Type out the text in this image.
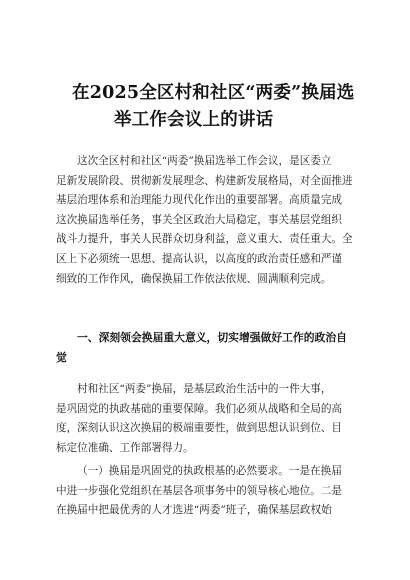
在2025全区村和社区“两委”换届选
举工作会议上的讲话
这次全区村和社区“两委”换届选举工作会议，是区委立
足新发展阶段、贯彻新发展理念、构建新发展格局，对全面推进
基层治理体系和治理能力现代化作出的重要部署。高质量完成
这次换届选举任务，事关全区政治大局稳定，事关基层党组织
战斗力提升，事关人民群众切身利益，意义重大、责任重大。全
区上下必须统一思想、提高认识，以高度的政治责任感和严谨
细致的工作作风，确保换届工作依法依规、圆满顺利完成。
一、深刻领会换届重大意义，切实增强做好工作的政治自
觉
村和社区“两委”换届，是基层政治生活中的一件大事，
是巩固党的执政基础的重要保障。我们必须从战略和全局的高
度，深刻认识这次换届的极端重要性，做到思想认识到位、目
标定位准确、工作部署得力。
（一）换届是巩固党的执政根基的必然要求。一是在换届
中进一步强化党组织在基层各项事务中的领导核心地位。二是
在换届中把最优秀的人才选进“两委”班子，确保基层政权始
